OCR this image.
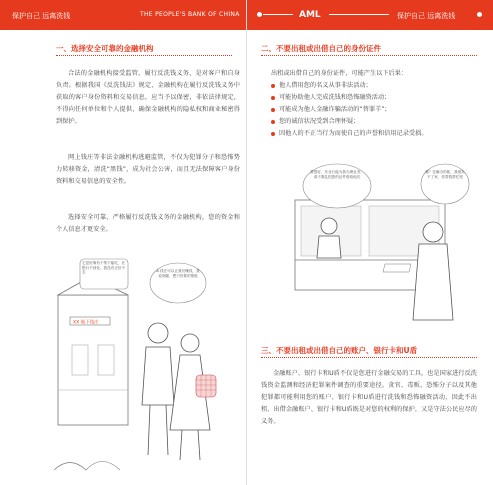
保护自己 远离洗钱	THE PEOPLE'S BANK OF CHINA
一、选择安全可靠的金融机构
合法的金融机构接受监管，履行反洗钱义务，是对客户和自身负责。根据我国《反洗钱法》规定，金融机构在履行反洗钱义务中获取的客户身份资料和交易信息，应当予以保密，非依法律规定，不得向任何单位和个人提供，确保金融机构的隐私权和商业秘密得到保护。
网上钱庄等非法金融机构逃避监管，不仅为犯罪分子和恐怖势力转移资金，清洗“黑钱”，成为社会公害，而且无法保障客户身份资料和交易信息的安全性。
选择安全可靠、严格履行反洗钱义务的金融机构，您的资金和个人信息才更安全。
XX 地下钱庄
它是好像有个帮不能吃，在银行不到处，我没有正好不去	A 钱庄可以让我们赚钱，我说到哪，想只你要的帮帐
AML	保护自己 远离洗钱
二、不要出租或出借自己的身份证件
出租或出借自己的身份证件，可能产生以下后果：
他人借用您的名义从事非法活动；
可能协助他人完成洗钱和恐怖融资活动；
可能成为他人金融诈骗活动的“替罪羊”；
您的诚信状况受到合理怀疑；
因他人的不正当行为而使自己的声誉和信用记录受损。
我很好，东北行能为我办理业务，请不要乱把我的证件借给他们
哪？住嘛办的帐，我借本不了家，你帮我帮忙吧
三、不要出租或出借自己的账户、银行卡和U盾
金融账户、银行卡和U盾不仅是您进行金融交易的工具，也是国家进行反洗钱资金监测和经济犯罪案件调查的重要途径。贪官、毒贩、恐怖分子以及其他犯罪都可能利用您的账户、银行卡和U盾进行洗钱和恐怖融资活动，因此不出租、出借金融账户、银行卡和U盾既是对您的权利的保护，又是守法公民应尽的义务。
